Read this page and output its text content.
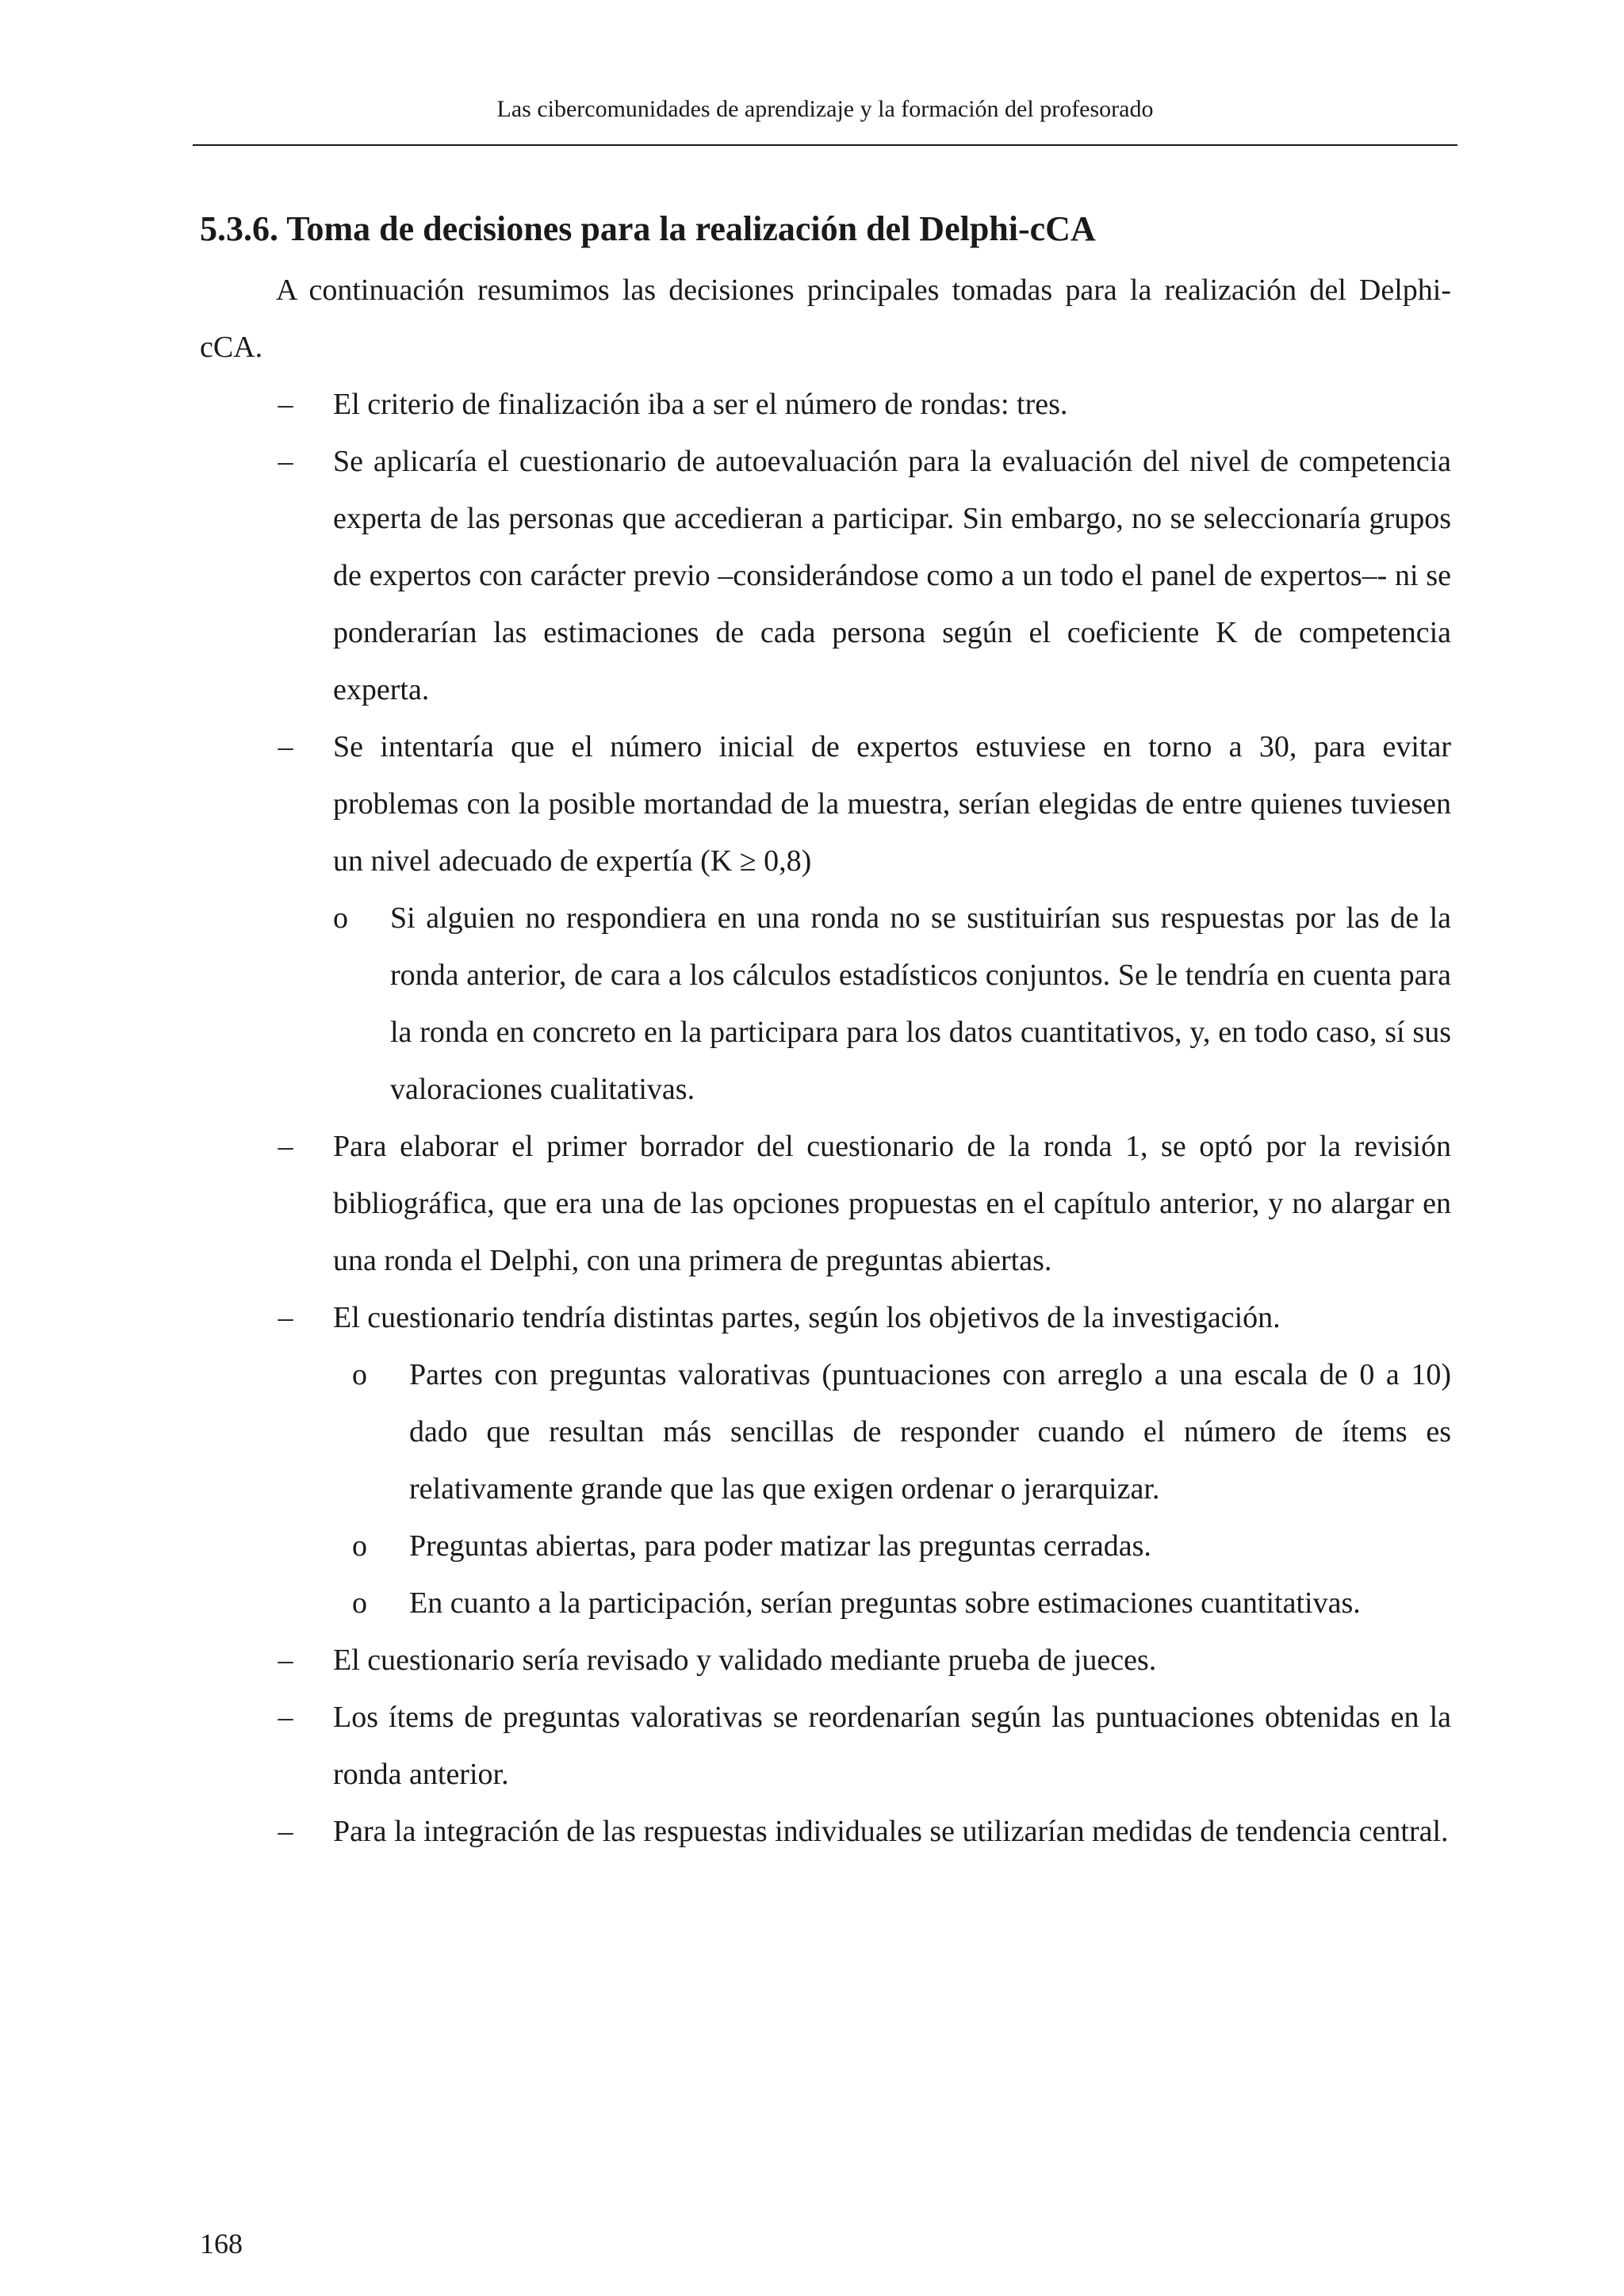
Las cibercomunidades de aprendizaje y la formación del profesorado
5.3.6. Toma de decisiones para la realización del Delphi-cCA

A continuación resumimos las decisiones principales tomadas para la realización del Delphi-cCA.

– El criterio de finalización iba a ser el número de rondas: tres.
– Se aplicaría el cuestionario de autoevaluación para la evaluación del nivel de competencia experta de las personas que accedieran a participar. Sin embargo, no se seleccionaría grupos de expertos con carácter previo –considerándose como a un todo el panel de expertos–- ni se ponderarían las estimaciones de cada persona según el coeficiente K de competencia experta.
– Se intentaría que el número inicial de expertos estuviese en torno a 30, para evitar problemas con la posible mortandad de la muestra, serían elegidas de entre quienes tuviesen un nivel adecuado de expertía (K ≥ 0,8)
o	Si alguien no respondiera en una ronda no se sustituirían sus respuestas por las de la ronda anterior, de cara a los cálculos estadísticos conjuntos. Se le tendría en cuenta para la ronda en concreto en la participara para los datos cuantitativos, y, en todo caso, sí sus valoraciones cualitativas.
– Para elaborar el primer borrador del cuestionario de la ronda 1, se optó por la revisión bibliográfica, que era una de las opciones propuestas en el capítulo anterior, y no alargar en una ronda el Delphi, con una primera de preguntas abiertas.
– El cuestionario tendría distintas partes, según los objetivos de la investigación.
o	Partes con preguntas valorativas (puntuaciones con arreglo a una escala de 0 a 10) dado que resultan más sencillas de responder cuando el número de ítems es relativamente grande que las que exigen ordenar o jerarquizar.
o	Preguntas abiertas, para poder matizar las preguntas cerradas.
o	En cuanto a la participación, serían preguntas sobre estimaciones cuantitativas.
– El cuestionario sería revisado y validado mediante prueba de jueces.
– Los ítems de preguntas valorativas se reordenarían según las puntuaciones obtenidas en la ronda anterior.
– Para la integración de las respuestas individuales se utilizarían medidas de tendencia central.
168
